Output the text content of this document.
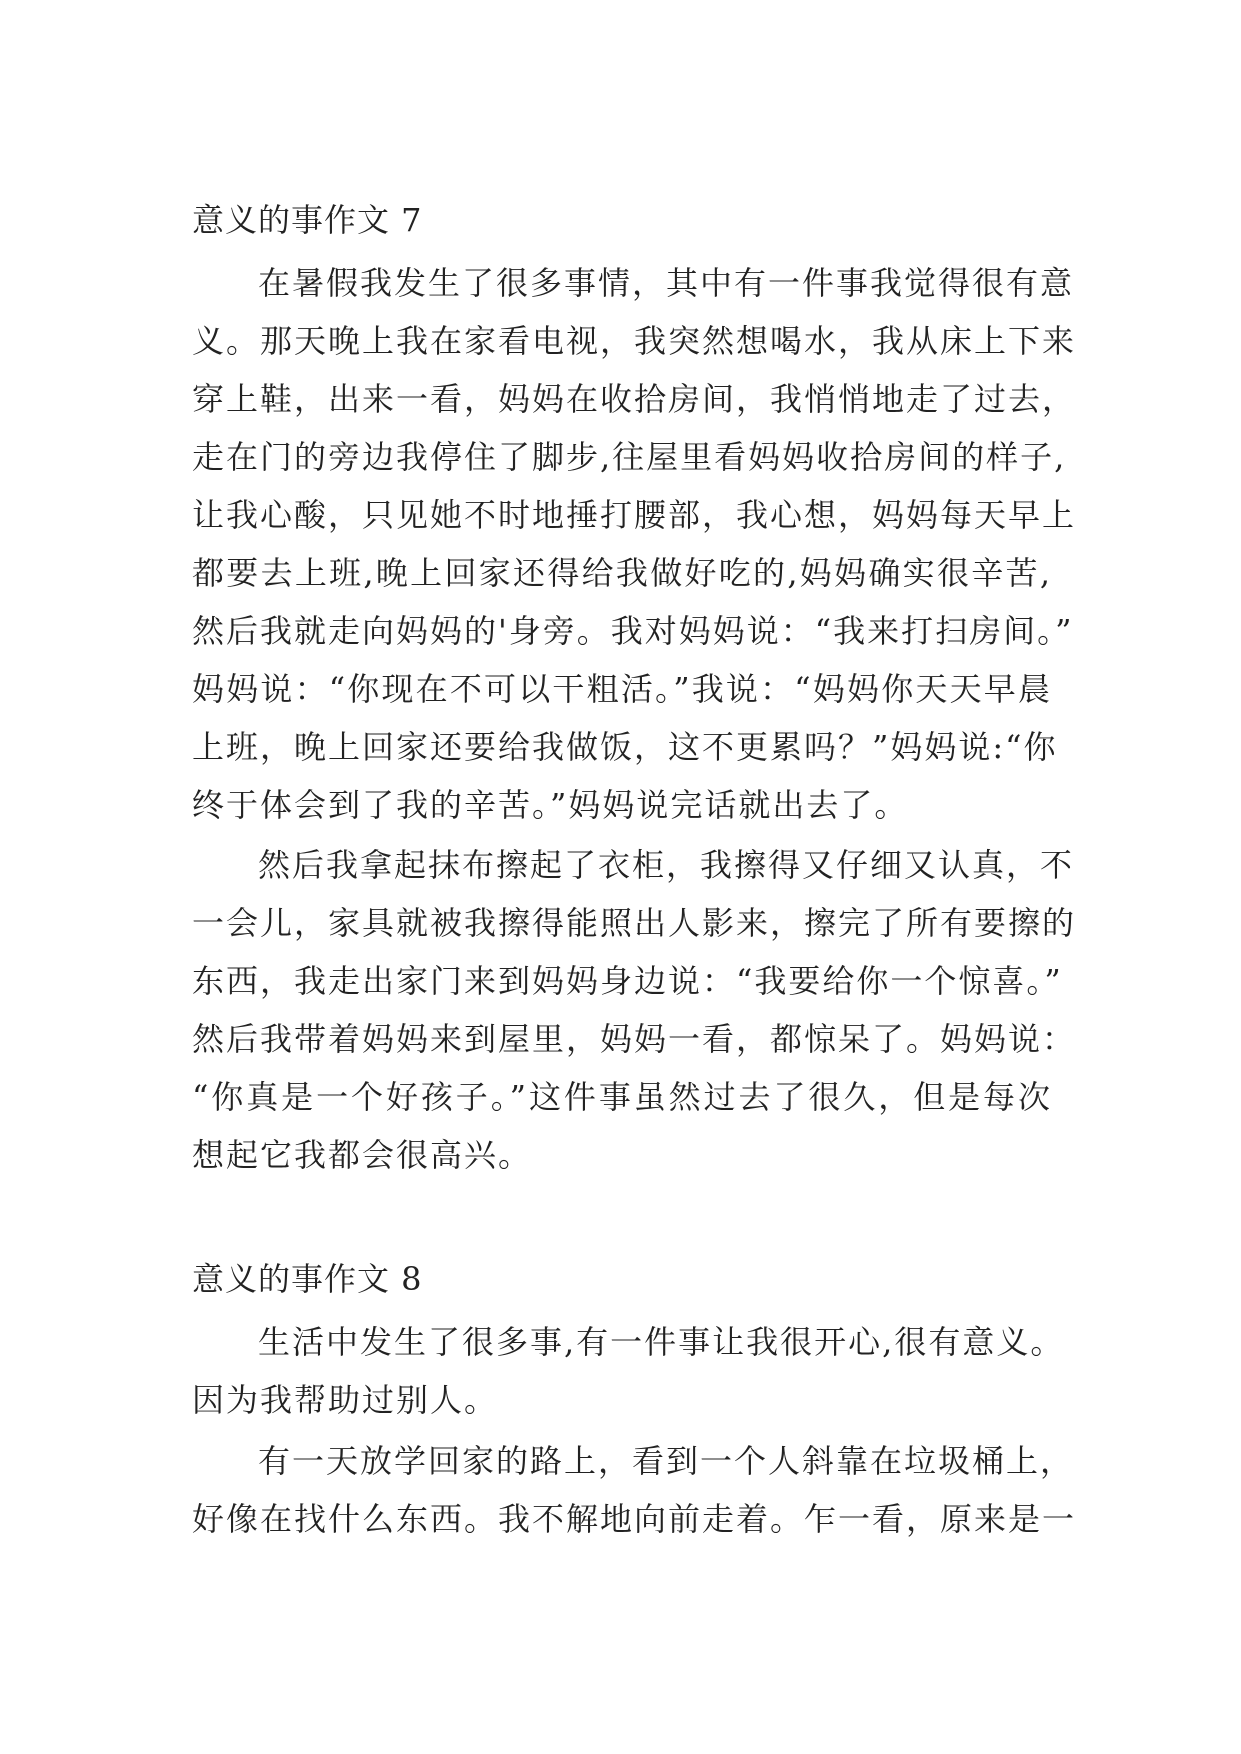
意义的事作文 7
在暑假我发生了很多事情，其中有一件事我觉得很有意
义。那天晚上我在家看电视，我突然想喝水，我从床上下来
穿上鞋，出来一看，妈妈在收拾房间，我悄悄地走了过去，
走在门的旁边我停住了脚步,往屋里看妈妈收拾房间的样子,
让我心酸，只见她不时地捶打腰部，我心想，妈妈每天早上
都要去上班,晚上回家还得给我做好吃的,妈妈确实很辛苦,
然后我就走向妈妈的'身旁。我对妈妈说：“我来打扫房间。”
妈妈说：“你现在不可以干粗活。”我说：“妈妈你天天早晨
上班，晚上回家还要给我做饭，这不更累吗？”妈妈说:“你
终于体会到了我的辛苦。”妈妈说完话就出去了。
然后我拿起抹布擦起了衣柜，我擦得又仔细又认真，不
一会儿，家具就被我擦得能照出人影来，擦完了所有要擦的
东西，我走出家门来到妈妈身边说：“我要给你一个惊喜。”
然后我带着妈妈来到屋里，妈妈一看，都惊呆了。妈妈说：
“你真是一个好孩子。”这件事虽然过去了很久，但是每次
想起它我都会很高兴。
意义的事作文 8
生活中发生了很多事,有一件事让我很开心,很有意义。
因为我帮助过别人。
有一天放学回家的路上，看到一个人斜靠在垃圾桶上，
好像在找什么东西。我不解地向前走着。乍一看，原来是一
